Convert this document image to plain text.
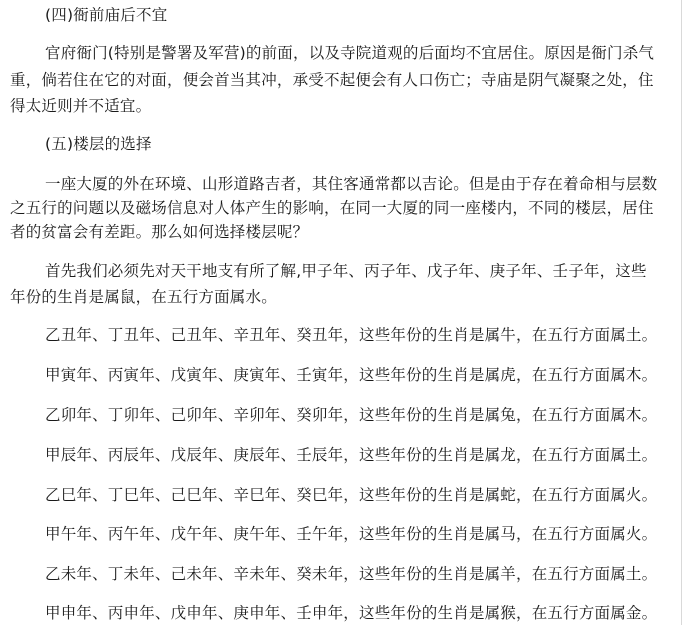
(四)衙前庙后不宜

官府衙门(特别是警署及军营)的前面，以及寺院道观的后面均不宜居住。原因是衙门杀气

重，倘若住在它的对面，便会首当其冲，承受不起便会有人口伤亡；寺庙是阴气凝聚之处，住

得太近则并不适宜。

(五)楼层的选择

一座大厦的外在环境、山形道路吉者，其住客通常都以吉论。但是由于存在着命相与层数

之五行的问题以及磁场信息对人体产生的影响，在同一大厦的同一座楼内，不同的楼层，居住

者的贫富会有差距。那么如何选择楼层呢？

首先我们必须先对天干地支有所了解,甲子年、丙子年、戊子年、庚子年、壬子年，这些

年份的生肖是属鼠，在五行方面属水。

乙丑年、丁丑年、己丑年、辛丑年、癸丑年，这些年份的生肖是属牛，在五行方面属土。

甲寅年、丙寅年、戊寅年、庚寅年、壬寅年，这些年份的生肖是属虎，在五行方面属木。

乙卯年、丁卯年、己卯年、辛卯年、癸卯年，这些年份的生肖是属兔，在五行方面属木。

甲辰年、丙辰年、戊辰年、庚辰年、壬辰年，这些年份的生肖是属龙，在五行方面属土。

乙巳年、丁巳年、己巳年、辛巳年、癸巳年，这些年份的生肖是属蛇，在五行方面属火。

甲午年、丙午年、戊午年、庚午年、壬午年，这些年份的生肖是属马，在五行方面属火。

乙未年、丁未年、己未年、辛未年、癸未年，这些年份的生肖是属羊，在五行方面属土。

甲申年、丙申年、戊申年、庚申年、壬申年，这些年份的生肖是属猴，在五行方面属金。
